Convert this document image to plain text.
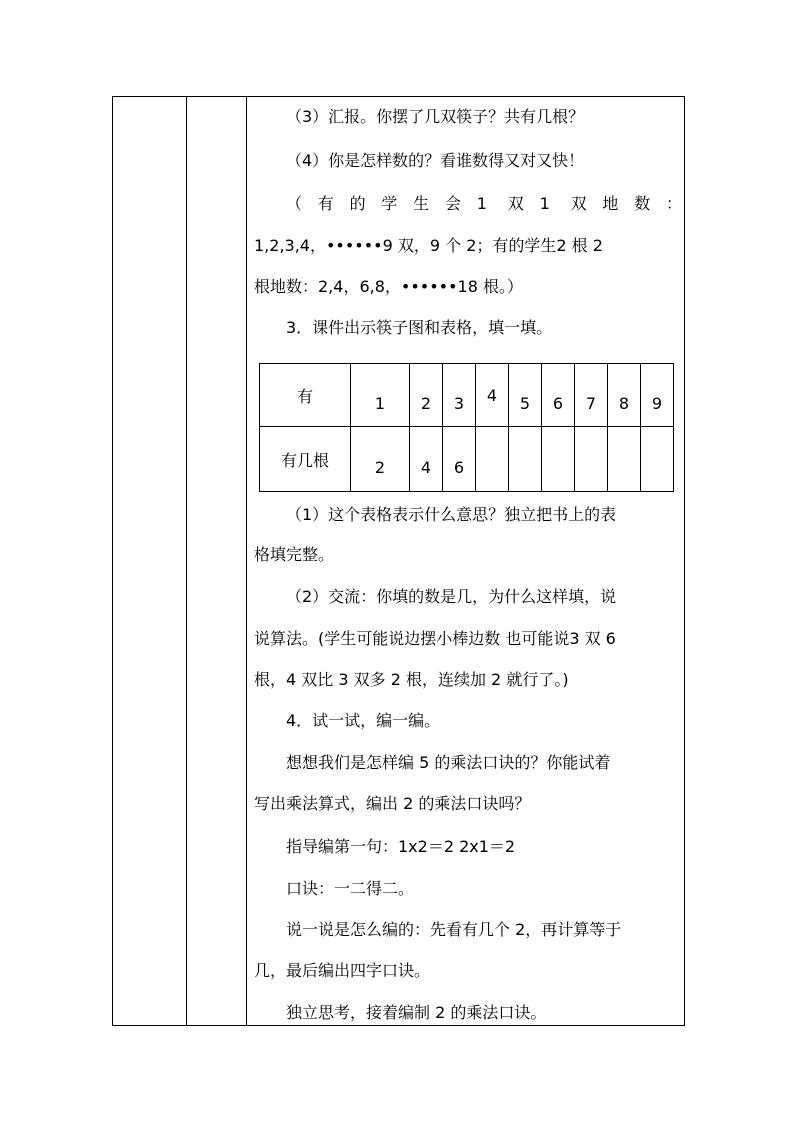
（3）汇报。你摆了几双筷子？共有几根？
（4）你是怎样数的？看谁数得又对又快！
（有的学生会1 双1 双地数：
1,2,3,4，••••••9 双，9 个 2；有的学生2 根 2
根地数：2,4，6,8，••••••18 根。）
3．课件出示筷子图和表格，填一填。
有	1	2	3	4	5	6	7	8	9
有几根	2	4	6						
（1）这个表格表示什么意思？独立把书上的表
格填完整。
（2）交流：你填的数是几，为什么这样填，说
说算法。(学生可能说边摆小棒边数 也可能说3 双 6
根，4 双比 3 双多 2 根，连续加 2 就行了。)
4．试一试，编一编。
想想我们是怎样编 5 的乘法口诀的？你能试着
写出乘法算式，编出 2 的乘法口诀吗？
指导编第一句：1x2＝2 2x1＝2
口诀：一二得二。
说一说是怎么编的：先看有几个 2，再计算等于
几，最后编出四字口诀。
独立思考，接着编制 2 的乘法口诀。
